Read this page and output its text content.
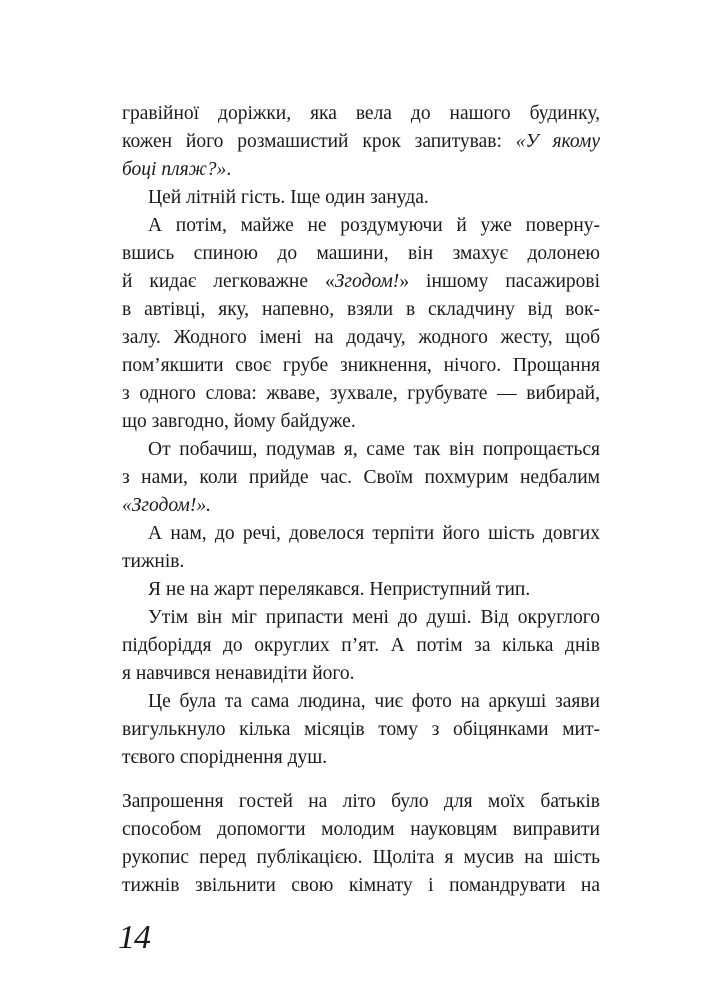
гравійної доріжки, яка вела до нашого будинку,
кожен його розмашистий крок запитував: «У якому
боці пляж?».
Цей літній гість. Іще один зануда.
А потім, майже не роздумуючи й уже поверну-
вшись спиною до машини, він змахує долонею
й кидає легковажне «Згодом!» іншому пасажирові
в автівці, яку, напевно, взяли в складчину від вок-
залу. Жодного імені на додачу, жодного жесту, щоб
пом’якшити своє грубе зникнення, нічого. Прощання
з одного слова: жваве, зухвале, грубувате — вибирай,
що завгодно, йому байдуже.
От побачиш, подумав я, саме так він попрощається
з нами, коли прийде час. Своїм похмурим недбалим
«Згодом!».
А нам, до речі, довелося терпіти його шість довгих
тижнів.
Я не на жарт перелякався. Неприступний тип.
Утім він міг припасти мені до душі. Від округлого
підборіддя до округлих п’ят. А потім за кілька днів
я навчився ненавидіти його.
Це була та сама людина, чиє фото на аркуші заяви
вигулькнуло кілька місяців тому з обіцянками мит-
тєвого споріднення душ.
Запрошення гостей на літо було для моїх батьків
способом допомогти молодим науковцям виправити
рукопис перед публікацією. Щоліта я мусив на шість
тижнів звільнити свою кімнату і помандрувати на
14
